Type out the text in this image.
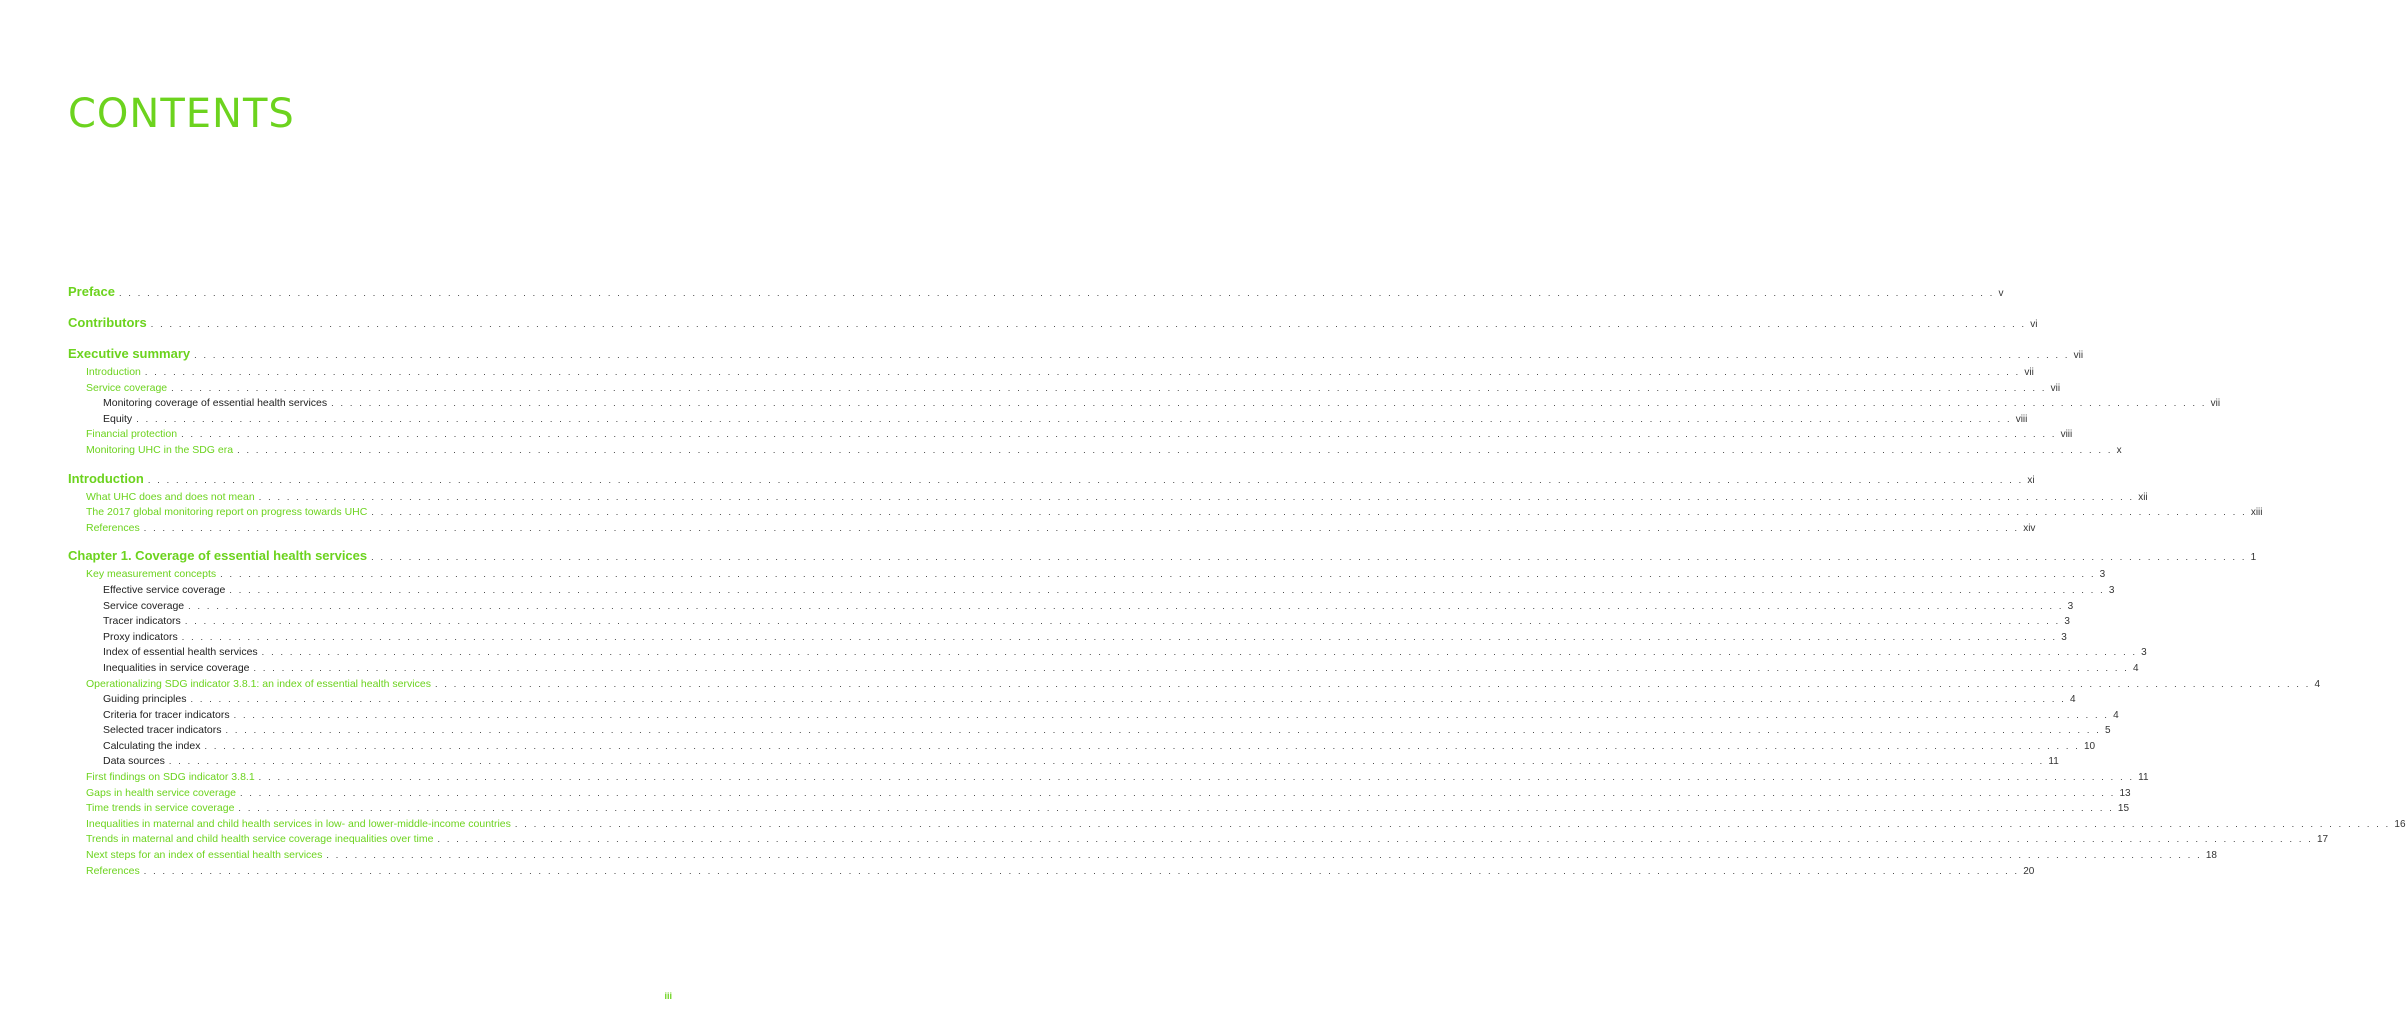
CONTENTS
Preface . . . . . . . . . . . . . . . . . . . . . . . . . . . . . . . . . . . . . . . . . . . . . . . . . . . . . . . . . . . . . . . . . . . . . . . . . . . . . . . . . . . . . . . . . . . . . . . . . . . . . . . . . . . . . . . . . . . . . . . . . . . . . . . . . . . . . . . . . . . . . . . . . . . . . . . . . . . . . . . . . . . . . . . . . . . . . . . . . . . . . . . . . . . . . . . . . . . . . . . . v
Contributors . . . . . . . . . . . . . . . . . . . . . . . . . . . . . . . . . . . . . . . . . . . . . . . . . . . . . . . . . . . . . . . . . . . . . . . . . . . . . . . . . . . . . . . . . . . . . . . . . . . . . . . . . . . . . . . . . . . . . . . . . . . . . . . . . . . . . . . . . . . . . . . . . . . . . . . . . . . . . . . . . . . . . . . . . . . . . . . . . . . . . . . . . . . . . . . . . . . . . . . . vi
Executive summary . . . . . . . . . . . . . . . . . . . . . . . . . . . . . . . . . . . . . . . . . . . . . . . . . . . . . . . . . . . . . . . . . . . . . . . . . . . . . . . . . . . . . . . . . . . . . . . . . . . . . . . . . . . . . . . . . . . . . . . . . . . . . . . . . . . . . . . . . . . . . . . . . . . . . . . . . . . . . . . . . . . . . . . . . . . . . . . . . . . . . . . . . . . . . . . . . . . . . . . . vii
Introduction . . . . . . . . . . . . . . . . . . . . . . . . . . . . . . . . . . . . . . . . . . . . . . . . . . . . . . . . . . . . . . . . . . . . . . . . . . . . . . . . . . . . . . . . . . . . . . . . . . . . . . . . . . . . . . . . . . . . . . . . . . . . . . . . . . . . . . . . . . . . . . . . . . . . . . . . . . . . . . . . . . . . . . . . . . . . . . . . . . . . . . . . . . . . . . . . . . . . . . . . vii
Service coverage . . . . . . . . . . . . . . . . . . . . . . . . . . . . . . . . . . . . . . . . . . . . . . . . . . . . . . . . . . . . . . . . . . . . . . . . . . . . . . . . . . . . . . . . . . . . . . . . . . . . . . . . . . . . . . . . . . . . . . . . . . . . . . . . . . . . . . . . . . . . . . . . . . . . . . . . . . . . . . . . . . . . . . . . . . . . . . . . . . . . . . . . . . . . . . . . . . . . . . . . vii
Monitoring coverage of essential health services . . . . . . . . . . . . . . . . . . . . . . . . . . . . . . . . . . . . . . . . . . . . . . . . . . . . . . . . . . . . . . . . . . . . . . . . . . . . . . . . . . . . . . . . . . . . . . . . . . . . . . . . . . . . . . . . . . . . . . . . . . . . . . . . . . . . . . . . . . . . . . . . . . . . . . . . . . . . . . . . . . . . . . . . . . . . . . . . . . . . . . . . . . . . . . . . . . . . . . . . vii
Equity . . . . . . . . . . . . . . . . . . . . . . . . . . . . . . . . . . . . . . . . . . . . . . . . . . . . . . . . . . . . . . . . . . . . . . . . . . . . . . . . . . . . . . . . . . . . . . . . . . . . . . . . . . . . . . . . . . . . . . . . . . . . . . . . . . . . . . . . . . . . . . . . . . . . . . . . . . . . . . . . . . . . . . . . . . . . . . . . . . . . . . . . . . . . . . . . . . . . . . . . viii
Financial protection . . . . . . . . . . . . . . . . . . . . . . . . . . . . . . . . . . . . . . . . . . . . . . . . . . . . . . . . . . . . . . . . . . . . . . . . . . . . . . . . . . . . . . . . . . . . . . . . . . . . . . . . . . . . . . . . . . . . . . . . . . . . . . . . . . . . . . . . . . . . . . . . . . . . . . . . . . . . . . . . . . . . . . . . . . . . . . . . . . . . . . . . . . . . . . . . . . . . . . . . viii
Monitoring UHC in the SDG era . . . . . . . . . . . . . . . . . . . . . . . . . . . . . . . . . . . . . . . . . . . . . . . . . . . . . . . . . . . . . . . . . . . . . . . . . . . . . . . . . . . . . . . . . . . . . . . . . . . . . . . . . . . . . . . . . . . . . . . . . . . . . . . . . . . . . . . . . . . . . . . . . . . . . . . . . . . . . . . . . . . . . . . . . . . . . . . . . . . . . . . . . . . . . . . . . . . . . . . . x
Introduction . . . . . . . . . . . . . . . . . . . . . . . . . . . . . . . . . . . . . . . . . . . . . . . . . . . . . . . . . . . . . . . . . . . . . . . . . . . . . . . . . . . . . . . . . . . . . . . . . . . . . . . . . . . . . . . . . . . . . . . . . . . . . . . . . . . . . . . . . . . . . . . . . . . . . . . . . . . . . . . . . . . . . . . . . . . . . . . . . . . . . . . . . . . . . . . . . . . . . . . . xi
What UHC does and does not mean . . . . . . . . . . . . . . . . . . . . . . . . . . . . . . . . . . . . . . . . . . . . . . . . . . . . . . . . . . . . . . . . . . . . . . . . . . . . . . . . . . . . . . . . . . . . . . . . . . . . . . . . . . . . . . . . . . . . . . . . . . . . . . . . . . . . . . . . . . . . . . . . . . . . . . . . . . . . . . . . . . . . . . . . . . . . . . . . . . . . . . . . . . . . . . . . . . . . . . . . xii
The 2017 global monitoring report on progress towards UHC . . . . . . . . . . . . . . . . . . . . . . . . . . . . . . . . . . . . . . . . . . . . . . . . . . . . . . . . . . . . . . . . . . . . . . . . . . . . . . . . . . . . . . . . . . . . . . . . . . . . . . . . . . . . . . . . . . . . . . . . . . . . . . . . . . . . . . . . . . . . . . . . . . . . . . . . . . . . . . . . . . . . . . . . . . . . . . . . . . . . . . . . . . . . . . . . . . . . . . . . xiii
References . . . . . . . . . . . . . . . . . . . . . . . . . . . . . . . . . . . . . . . . . . . . . . . . . . . . . . . . . . . . . . . . . . . . . . . . . . . . . . . . . . . . . . . . . . . . . . . . . . . . . . . . . . . . . . . . . . . . . . . . . . . . . . . . . . . . . . . . . . . . . . . . . . . . . . . . . . . . . . . . . . . . . . . . . . . . . . . . . . . . . . . . . . . . . . . . . . . . . . . . xiv
Chapter 1. Coverage of essential health services . . . . . . . . . . . . . . . . . . . . . . . . . . . . . . . . . . . . . . . . . . . . . . . . . . . . . . . . . . . . . . . . . . . . . . . . . . . . . . . . . . . . . . . . . . . . . . . . . . . . . . . . . . . . . . . . . . . . . . . . . . . . . . . . . . . . . . . . . . . . . . . . . . . . . . . . . . . . . . . . . . . . . . . . . . . . . . . . . . . . . . . . . . . . . . . . . . . . . . . . 1
Key measurement concepts . . . . . . . . . . . . . . . . . . . . . . . . . . . . . . . . . . . . . . . . . . . . . . . . . . . . . . . . . . . . . . . . . . . . . . . . . . . . . . . . . . . . . . . . . . . . . . . . . . . . . . . . . . . . . . . . . . . . . . . . . . . . . . . . . . . . . . . . . . . . . . . . . . . . . . . . . . . . . . . . . . . . . . . . . . . . . . . . . . . . . . . . . . . . . . . . . . . . . . . . 3
Effective service coverage . . . . . . . . . . . . . . . . . . . . . . . . . . . . . . . . . . . . . . . . . . . . . . . . . . . . . . . . . . . . . . . . . . . . . . . . . . . . . . . . . . . . . . . . . . . . . . . . . . . . . . . . . . . . . . . . . . . . . . . . . . . . . . . . . . . . . . . . . . . . . . . . . . . . . . . . . . . . . . . . . . . . . . . . . . . . . . . . . . . . . . . . . . . . . . . . . . . . . . . . 3
Service coverage . . . . . . . . . . . . . . . . . . . . . . . . . . . . . . . . . . . . . . . . . . . . . . . . . . . . . . . . . . . . . . . . . . . . . . . . . . . . . . . . . . . . . . . . . . . . . . . . . . . . . . . . . . . . . . . . . . . . . . . . . . . . . . . . . . . . . . . . . . . . . . . . . . . . . . . . . . . . . . . . . . . . . . . . . . . . . . . . . . . . . . . . . . . . . . . . . . . . . . . . 3
Tracer indicators . . . . . . . . . . . . . . . . . . . . . . . . . . . . . . . . . . . . . . . . . . . . . . . . . . . . . . . . . . . . . . . . . . . . . . . . . . . . . . . . . . . . . . . . . . . . . . . . . . . . . . . . . . . . . . . . . . . . . . . . . . . . . . . . . . . . . . . . . . . . . . . . . . . . . . . . . . . . . . . . . . . . . . . . . . . . . . . . . . . . . . . . . . . . . . . . . . . . . . . . 3
Proxy indicators . . . . . . . . . . . . . . . . . . . . . . . . . . . . . . . . . . . . . . . . . . . . . . . . . . . . . . . . . . . . . . . . . . . . . . . . . . . . . . . . . . . . . . . . . . . . . . . . . . . . . . . . . . . . . . . . . . . . . . . . . . . . . . . . . . . . . . . . . . . . . . . . . . . . . . . . . . . . . . . . . . . . . . . . . . . . . . . . . . . . . . . . . . . . . . . . . . . . . . . . 3
Index of essential health services . . . . . . . . . . . . . . . . . . . . . . . . . . . . . . . . . . . . . . . . . . . . . . . . . . . . . . . . . . . . . . . . . . . . . . . . . . . . . . . . . . . . . . . . . . . . . . . . . . . . . . . . . . . . . . . . . . . . . . . . . . . . . . . . . . . . . . . . . . . . . . . . . . . . . . . . . . . . . . . . . . . . . . . . . . . . . . . . . . . . . . . . . . . . . . . . . . . . . . . . 3
Inequalities in service coverage . . . . . . . . . . . . . . . . . . . . . . . . . . . . . . . . . . . . . . . . . . . . . . . . . . . . . . . . . . . . . . . . . . . . . . . . . . . . . . . . . . . . . . . . . . . . . . . . . . . . . . . . . . . . . . . . . . . . . . . . . . . . . . . . . . . . . . . . . . . . . . . . . . . . . . . . . . . . . . . . . . . . . . . . . . . . . . . . . . . . . . . . . . . . . . . . . . . . . . . . 4
Operationalizing SDG indicator 3.8.1: an index of essential health services . . . . . . . . . . . . . . . . . . . . . . . . . . . . . . . . . . . . . . . . . . . . . . . . . . . . . . . . . . . . . . . . . . . . . . . . . . . . . . . . . . . . . . . . . . . . . . . . . . . . . . . . . . . . . . . . . . . . . . . . . . . . . . . . . . . . . . . . . . . . . . . . . . . . . . . . . . . . . . . . . . . . . . . . . . . . . . . . . . . . . . . . . . . . . . . . . . . . . . . . 4
Guiding principles . . . . . . . . . . . . . . . . . . . . . . . . . . . . . . . . . . . . . . . . . . . . . . . . . . . . . . . . . . . . . . . . . . . . . . . . . . . . . . . . . . . . . . . . . . . . . . . . . . . . . . . . . . . . . . . . . . . . . . . . . . . . . . . . . . . . . . . . . . . . . . . . . . . . . . . . . . . . . . . . . . . . . . . . . . . . . . . . . . . . . . . . . . . . . . . . . . . . . . . . 4
Criteria for tracer indicators . . . . . . . . . . . . . . . . . . . . . . . . . . . . . . . . . . . . . . . . . . . . . . . . . . . . . . . . . . . . . . . . . . . . . . . . . . . . . . . . . . . . . . . . . . . . . . . . . . . . . . . . . . . . . . . . . . . . . . . . . . . . . . . . . . . . . . . . . . . . . . . . . . . . . . . . . . . . . . . . . . . . . . . . . . . . . . . . . . . . . . . . . . . . . . . . . . . . . . . . 4
Selected tracer indicators . . . . . . . . . . . . . . . . . . . . . . . . . . . . . . . . . . . . . . . . . . . . . . . . . . . . . . . . . . . . . . . . . . . . . . . . . . . . . . . . . . . . . . . . . . . . . . . . . . . . . . . . . . . . . . . . . . . . . . . . . . . . . . . . . . . . . . . . . . . . . . . . . . . . . . . . . . . . . . . . . . . . . . . . . . . . . . . . . . . . . . . . . . . . . . . . . . . . . . . . 5
Calculating the index . . . . . . . . . . . . . . . . . . . . . . . . . . . . . . . . . . . . . . . . . . . . . . . . . . . . . . . . . . . . . . . . . . . . . . . . . . . . . . . . . . . . . . . . . . . . . . . . . . . . . . . . . . . . . . . . . . . . . . . . . . . . . . . . . . . . . . . . . . . . . . . . . . . . . . . . . . . . . . . . . . . . . . . . . . . . . . . . . . . . . . . . . . . . . . . . . . . . . . . . 10
Data sources . . . . . . . . . . . . . . . . . . . . . . . . . . . . . . . . . . . . . . . . . . . . . . . . . . . . . . . . . . . . . . . . . . . . . . . . . . . . . . . . . . . . . . . . . . . . . . . . . . . . . . . . . . . . . . . . . . . . . . . . . . . . . . . . . . . . . . . . . . . . . . . . . . . . . . . . . . . . . . . . . . . . . . . . . . . . . . . . . . . . . . . . . . . . . . . . . . . . . . . . 11
First findings on SDG indicator 3.8.1 . . . . . . . . . . . . . . . . . . . . . . . . . . . . . . . . . . . . . . . . . . . . . . . . . . . . . . . . . . . . . . . . . . . . . . . . . . . . . . . . . . . . . . . . . . . . . . . . . . . . . . . . . . . . . . . . . . . . . . . . . . . . . . . . . . . . . . . . . . . . . . . . . . . . . . . . . . . . . . . . . . . . . . . . . . . . . . . . . . . . . . . . . . . . . . . . . . . . . . . . 11
Gaps in health service coverage . . . . . . . . . . . . . . . . . . . . . . . . . . . . . . . . . . . . . . . . . . . . . . . . . . . . . . . . . . . . . . . . . . . . . . . . . . . . . . . . . . . . . . . . . . . . . . . . . . . . . . . . . . . . . . . . . . . . . . . . . . . . . . . . . . . . . . . . . . . . . . . . . . . . . . . . . . . . . . . . . . . . . . . . . . . . . . . . . . . . . . . . . . . . . . . . . . . . . . . . 13
Time trends in service coverage . . . . . . . . . . . . . . . . . . . . . . . . . . . . . . . . . . . . . . . . . . . . . . . . . . . . . . . . . . . . . . . . . . . . . . . . . . . . . . . . . . . . . . . . . . . . . . . . . . . . . . . . . . . . . . . . . . . . . . . . . . . . . . . . . . . . . . . . . . . . . . . . . . . . . . . . . . . . . . . . . . . . . . . . . . . . . . . . . . . . . . . . . . . . . . . . . . . . . . . . 15
Inequalities in maternal and child health services in low- and lower-middle-income countries . . . . . . . . . . . . . . . . . . . . . . . . . . . . . . . . . . . . . . . . . . . . . . . . . . . . . . . . . . . . . . . . . . . . . . . . . . . . . . . . . . . . . . . . . . . . . . . . . . . . . . . . . . . . . . . . . . . . . . . . . . . . . . . . . . . . . . . . . . . . . . . . . . . . . . . . . . . . . . . . . . . . . . . . . . . . . . . . . . . . . . . . . . . . . . . . . . . . . . . . 16
Trends in maternal and child health service coverage inequalities over time . . . . . . . . . . . . . . . . . . . . . . . . . . . . . . . . . . . . . . . . . . . . . . . . . . . . . . . . . . . . . . . . . . . . . . . . . . . . . . . . . . . . . . . . . . . . . . . . . . . . . . . . . . . . . . . . . . . . . . . . . . . . . . . . . . . . . . . . . . . . . . . . . . . . . . . . . . . . . . . . . . . . . . . . . . . . . . . . . . . . . . . . . . . . . . . . . . . . . . . . 17
Next steps for an index of essential health services . . . . . . . . . . . . . . . . . . . . . . . . . . . . . . . . . . . . . . . . . . . . . . . . . . . . . . . . . . . . . . . . . . . . . . . . . . . . . . . . . . . . . . . . . . . . . . . . . . . . . . . . . . . . . . . . . . . . . . . . . . . . . . . . . . . . . . . . . . . . . . . . . . . . . . . . . . . . . . . . . . . . . . . . . . . . . . . . . . . . . . . . . . . . . . . . . . . . . . . . 18
References . . . . . . . . . . . . . . . . . . . . . . . . . . . . . . . . . . . . . . . . . . . . . . . . . . . . . . . . . . . . . . . . . . . . . . . . . . . . . . . . . . . . . . . . . . . . . . . . . . . . . . . . . . . . . . . . . . . . . . . . . . . . . . . . . . . . . . . . . . . . . . . . . . . . . . . . . . . . . . . . . . . . . . . . . . . . . . . . . . . . . . . . . . . . . . . . . . . . . . . . 20
iii
